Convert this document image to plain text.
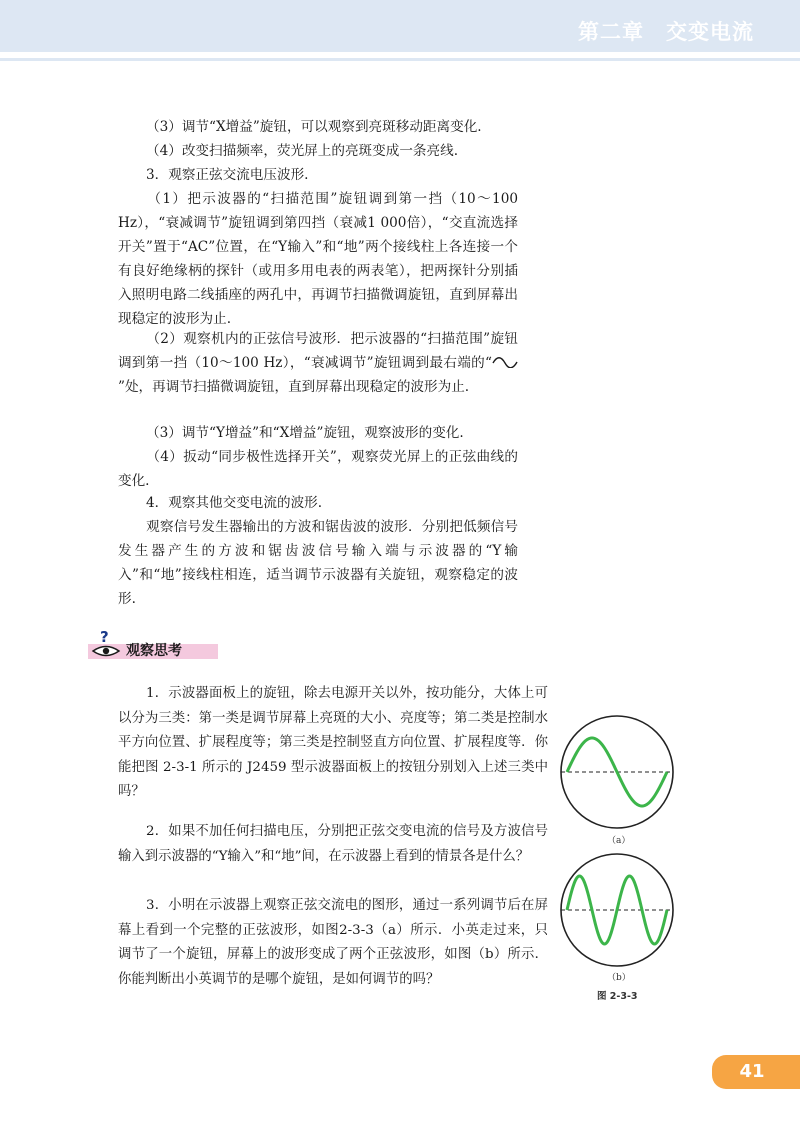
第二章　交变电流

（3）调节“X增益”旋钮，可以观察到亮斑移动距离变化.

（4）改变扫描频率，荧光屏上的亮斑变成一条亮线.

3．观察正弦交流电压波形.

（1）把示波器的“扫描范围”旋钮调到第一挡（10～100 Hz），“衰减调节”旋钮调到第四挡（衰减1 000倍），“交直流选择开关”置于“AC”位置，在“Y输入”和“地”两个接线柱上各连接一个有良好绝缘柄的探针（或用多用电表的两表笔），把两探针分别插入照明电路二线插座的两孔中，再调节扫描微调旋钮，直到屏幕出现稳定的波形为止.

（2）观察机内的正弦信号波形．把示波器的“扫描范围”旋钮调到第一挡（10～100 Hz），“衰减调节”旋钮调到最右端的“”处，再调节扫描微调旋钮，直到屏幕出现稳定的波形为止.

（3）调节“Y增益”和“X增益”旋钮，观察波形的变化.

（4）扳动“同步极性选择开关”，观察荧光屏上的正弦曲线的变化.

4．观察其他交变电流的波形.

观察信号发生器输出的方波和锯齿波的波形．分别把低频信号发生器产生的方波和锯齿波信号输入端与示波器的“Y输入”和“地”接线柱相连，适当调节示波器有关旋钮，观察稳定的波形.

?
观察思考

1．示波器面板上的旋钮，除去电源开关以外，按功能分，大体上可以分为三类：第一类是调节屏幕上亮斑的大小、亮度等；第二类是控制水平方向位置、扩展程度等；第三类是控制竖直方向位置、扩展程度等．你能把图 2-3-1 所示的 J2459 型示波器面板上的按钮分别划入上述三类中吗？

2．如果不加任何扫描电压，分别把正弦交变电流的信号及方波信号输入到示波器的“Y输入”和“地”间，在示波器上看到的情景各是什么？

3．小明在示波器上观察正弦交流电的图形，通过一系列调节后在屏幕上看到一个完整的正弦波形，如图2-3-3（a）所示．小英走过来，只调节了一个旋钮，屏幕上的波形变成了两个正弦波形，如图（b）所示．你能判断出小英调节的是哪个旋钮，是如何调节的吗？

（a）
（b）
图 2-3-3
41
